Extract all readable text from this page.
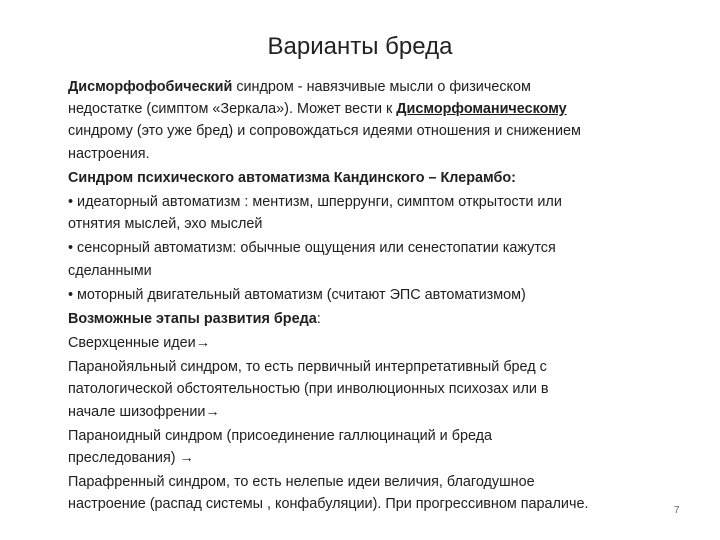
Варианты бреда
Дисморфофобический синдром - навязчивые мысли о физическом
недостатке (симптом «Зеркала»). Может вести к Дисморфоманическому
синдрому (это уже бред) и сопровождаться идеями отношения и снижением
настроения.
Синдром психического автоматизма Кандинского – Клерамбо:
• идеаторный автоматизм : ментизм, шперрунги, симптом открытости или
отнятия мыслей, эхо мыслей
• сенсорный автоматизм: обычные ощущения или сенестопатии кажутся
сделанными
• моторный двигательный автоматизм (считают ЭПС автоматизмом)
Возможные этапы развития бреда:
Сверхценные идеи→
Паранойяльный синдром, то есть первичный интерпретативный бред с
патологической обстоятельностью (при инволюционных психозах или в
начале шизофрении→
Параноидный синдром (присоединение галлюцинаций и бреда
преследования) →
Парафренный синдром, то есть нелепые идеи величия, благодушное
настроение (распад системы , конфабуляции). При прогрессивном параличе.	7
